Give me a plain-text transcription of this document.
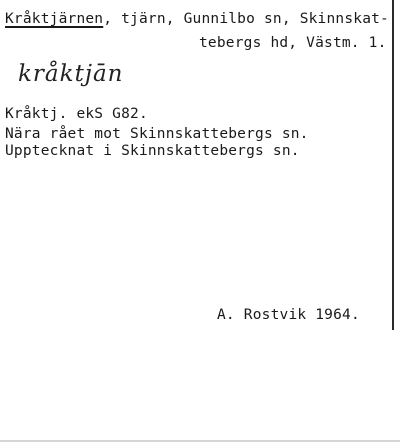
Kråktjärnen, tjärn, Gunnilbo sn, Skinnskat-
tebergs hd, Västm. 1.
kråktjān
Kråktj. ekS G82.
Nära rået mot Skinnskattebergs sn.
Upptecknat i Skinnskattebergs sn.
A. Rostvik 1964.
